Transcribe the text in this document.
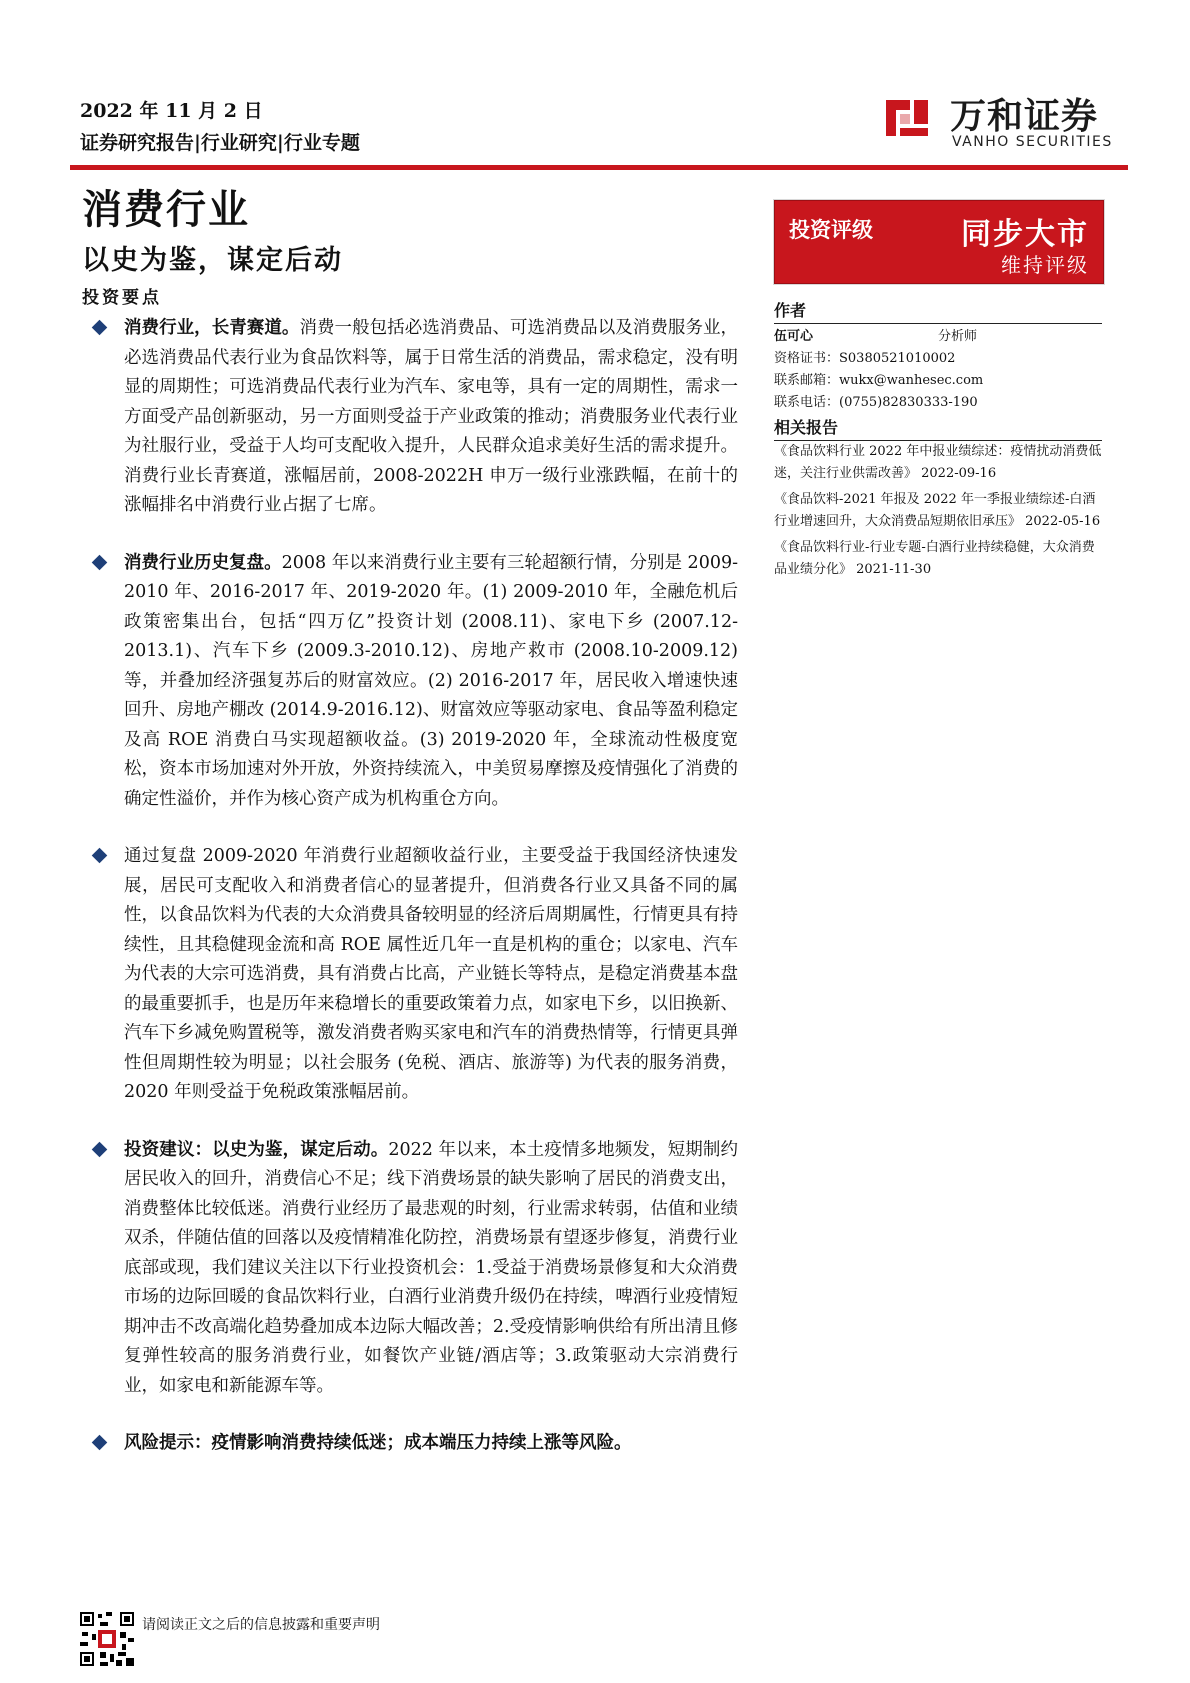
2022 年 11 月 2 日
证券研究报告|行业研究|行业专题
万和证券
VANHO SECURITIES
消费行业
以史为鉴，谋定后动
投资要点

消费行业，长青赛道。消费一般包括必选消费品、可选消费品以及消费服务业，必选消费品代表行业为食品饮料等，属于日常生活的消费品，需求稳定，没有明显的周期性；可选消费品代表行业为汽车、家电等，具有一定的周期性，需求一方面受产品创新驱动，另一方面则受益于产业政策的推动；消费服务业代表行业为社服行业，受益于人均可支配收入提升，人民群众追求美好生活的需求提升。消费行业长青赛道，涨幅居前，2008-2022H 申万一级行业涨跌幅，在前十的涨幅排名中消费行业占据了七席。

消费行业历史复盘。2008 年以来消费行业主要有三轮超额行情，分别是 2009-2010 年、2016-2017 年、2019-2020 年。(1) 2009-2010 年，全融危机后政策密集出台，包括“四万亿”投资计划 (2008.11)、家电下乡 (2007.12-2013.1)、汽车下乡 (2009.3-2010.12)、房地产救市 (2008.10-2009.12) 等，并叠加经济强复苏后的财富效应。(2) 2016-2017 年，居民收入增速快速回升、房地产棚改 (2014.9-2016.12)、财富效应等驱动家电、食品等盈利稳定及高 ROE 消费白马实现超额收益。(3) 2019-2020 年，全球流动性极度宽松，资本市场加速对外开放，外资持续流入，中美贸易摩擦及疫情强化了消费的确定性溢价，并作为核心资产成为机构重仓方向。

通过复盘 2009-2020 年消费行业超额收益行业，主要受益于我国经济快速发展，居民可支配收入和消费者信心的显著提升，但消费各行业又具备不同的属性，以食品饮料为代表的大众消费具备较明显的经济后周期属性，行情更具有持续性，且其稳健现金流和高 ROE 属性近几年一直是机构的重仓；以家电、汽车为代表的大宗可选消费，具有消费占比高，产业链长等特点，是稳定消费基本盘的最重要抓手，也是历年来稳增长的重要政策着力点，如家电下乡，以旧换新、汽车下乡减免购置税等，激发消费者购买家电和汽车的消费热情等，行情更具弹性但周期性较为明显；以社会服务 (免税、酒店、旅游等) 为代表的服务消费，2020 年则受益于免税政策涨幅居前。

投资建议：以史为鉴，谋定后动。2022 年以来，本土疫情多地频发，短期制约居民收入的回升，消费信心不足；线下消费场景的缺失影响了居民的消费支出，消费整体比较低迷。消费行业经历了最悲观的时刻，行业需求转弱，估值和业绩双杀，伴随估值的回落以及疫情精准化防控，消费场景有望逐步修复，消费行业底部或现，我们建议关注以下行业投资机会：1.受益于消费场景修复和大众消费市场的边际回暖的食品饮料行业，白酒行业消费升级仍在持续，啤酒行业疫情短期冲击不改高端化趋势叠加成本边际大幅改善；2.受疫情影响供给有所出清且修复弹性较高的服务消费行业，如餐饮产业链/酒店等；3.政策驱动大宗消费行业，如家电和新能源车等。

风险提示：疫情影响消费持续低迷；成本端压力持续上涨等风险。

投资评级	同步大市
维持评级
作者
伍可心	分析师
资格证书：S0380521010002
联系邮箱：wukx@wanhesec.com
联系电话：(0755)82830333-190
相关报告

《食品饮料行业 2022 年中报业绩综述：疫情扰动消费低迷，关注行业供需改善》 2022-09-16

《食品饮料-2021 年报及 2022 年一季报业绩综述-白酒行业增速回升，大众消费品短期依旧承压》 2022-05-16

《食品饮料行业-行业专题-白酒行业持续稳健，大众消费品业绩分化》 2021-11-30

请阅读正文之后的信息披露和重要声明
